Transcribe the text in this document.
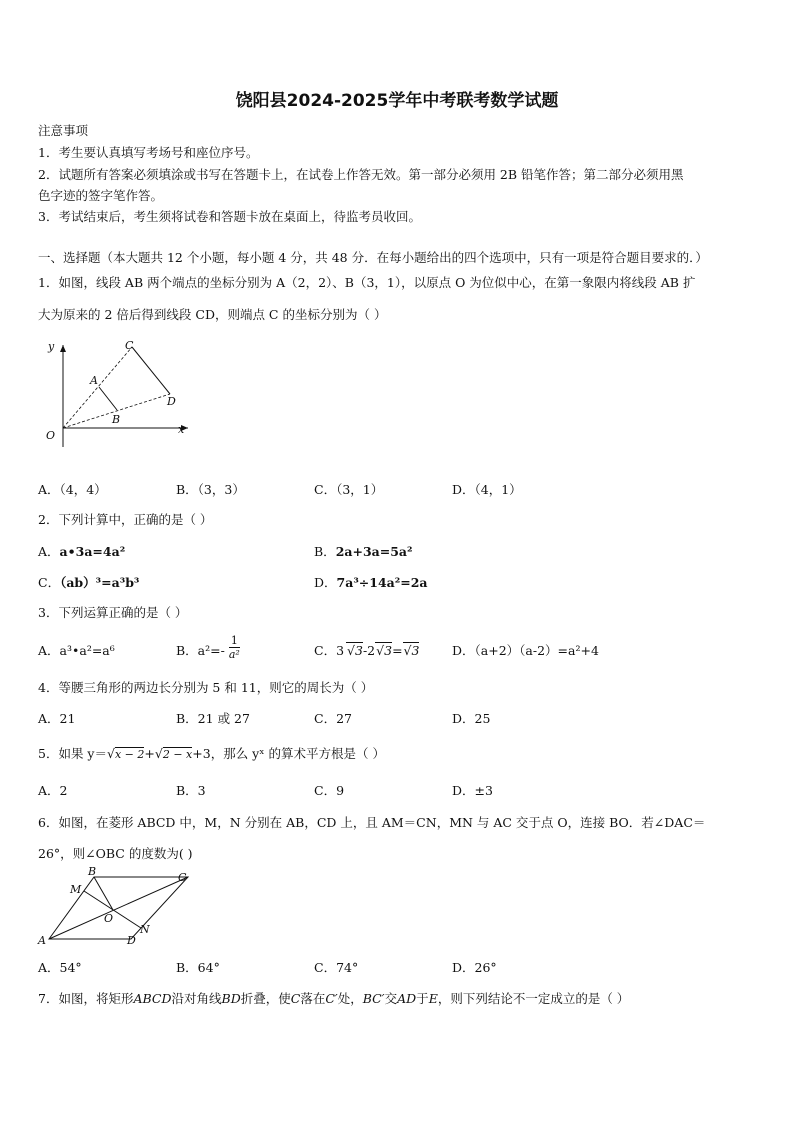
饶阳县2024-2025学年中考联考数学试题
注意事项
1．考生要认真填写考场号和座位序号。
2．试题所有答案必须填涂或书写在答题卡上，在试卷上作答无效。第一部分必须用 2B 铅笔作答；第二部分必须用黑
色字迹的签字笔作答。
3．考试结束后，考生须将试卷和答题卡放在桌面上，待监考员收回。
一、选择题（本大题共 12 个小题，每小题 4 分，共 48 分．在每小题给出的四个选项中，只有一项是符合题目要求的．）
1．如图，线段 AB 两个端点的坐标分别为 A（2，2）、B（3，1），以原点 O 为位似中心，在第一象限内将线段 AB 扩
大为原来的 2 倍后得到线段 CD，则端点 C 的坐标分别为（ ）
y
x
O
A
B
C
D
A．（4，4）	B．（3，3）	C．（3，1）	D．（4，1）
2．下列计算中，正确的是（ ）
A．a•3a=4a²	B．2a+3a=5a²
C．（ab）³=a³b³	D．7a³÷14a²=2a
3．下列运算正确的是（ ）
A．a³•a²=a⁶	B．$a^2=- \frac{1}{\text{a²}}$	C．3 √3-2√3=√3	D．（a+2）（a-2）=a²+4
4．等腰三角形的两边长分别为 5 和 11，则它的周长为（ ）
A．21	B．21 或 27	C．27	D．25
5．如果 y＝√x − 2+√2 − x+3，那么 yˣ 的算术平方根是（ ）
A．2	B．3	C．9	D．±3
6．如图，在菱形 ABCD 中，M，N 分别在 AB，CD 上，且 AM＝CN，MN 与 AC 交于点 O，连接 BO．若∠DAC＝
26°，则∠OBC 的度数为( )
A
B	C
D
M
N
O
A．54°	B．64°	C．74°	D．26°
7．如图，将矩形ABCD沿对角线BD折叠，使C落在C′处，BC′交AD于E，则下列结论不一定成立的是（ ）
